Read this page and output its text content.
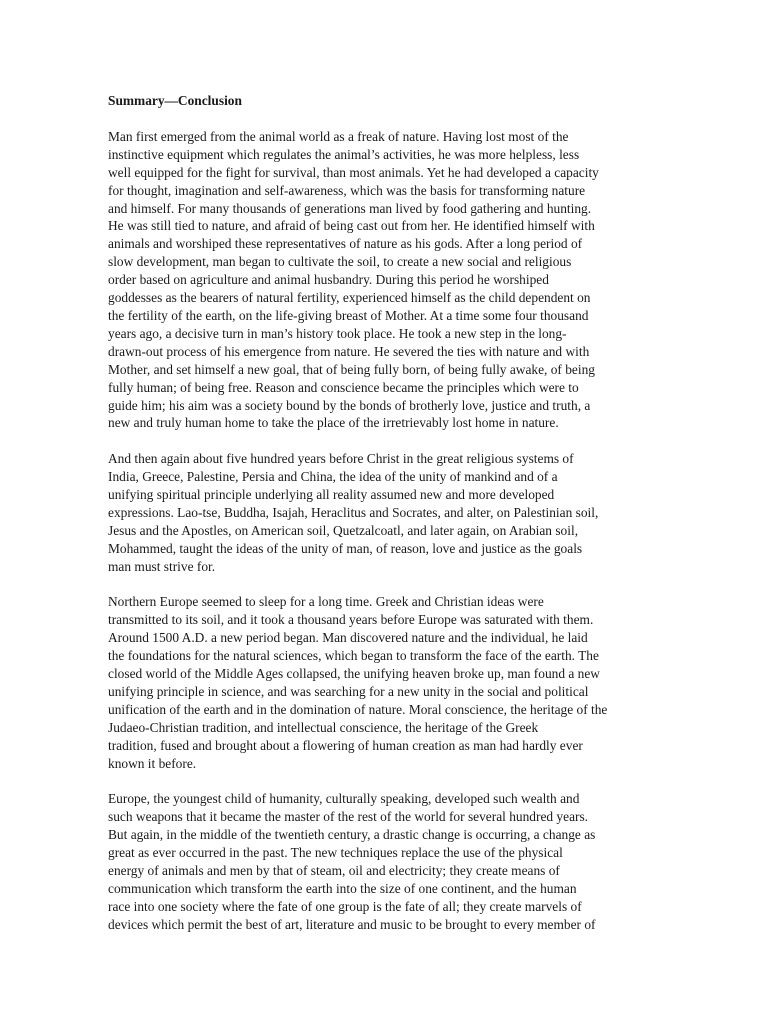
Summary—Conclusion
Man first emerged from the animal world as a freak of nature. Having lost most of the
instinctive equipment which regulates the animal’s activities, he was more helpless, less
well equipped for the fight for survival, than most animals. Yet he had developed a capacity
for thought, imagination and self-awareness, which was the basis for transforming nature
and himself. For many thousands of generations man lived by food gathering and hunting.
He was still tied to nature, and afraid of being cast out from her. He identified himself with
animals and worshiped these representatives of nature as his gods. After a long period of
slow development, man began to cultivate the soil, to create a new social and religious
order based on agriculture and animal husbandry. During this period he worshiped
goddesses as the bearers of natural fertility, experienced himself as the child dependent on
the fertility of the earth, on the life-giving breast of Mother. At a time some four thousand
years ago, a decisive turn in man’s history took place. He took a new step in the long-
drawn-out process of his emergence from nature. He severed the ties with nature and with
Mother, and set himself a new goal, that of being fully born, of being fully awake, of being
fully human; of being free. Reason and conscience became the principles which were to
guide him; his aim was a society bound by the bonds of brotherly love, justice and truth, a
new and truly human home to take the place of the irretrievably lost home in nature.
And then again about five hundred years before Christ in the great religious systems of
India, Greece, Palestine, Persia and China, the idea of the unity of mankind and of a
unifying spiritual principle underlying all reality assumed new and more developed
expressions. Lao-tse, Buddha, Isajah, Heraclitus and Socrates, and alter, on Palestinian soil,
Jesus and the Apostles, on American soil, Quetzalcoatl, and later again, on Arabian soil,
Mohammed, taught the ideas of the unity of man, of reason, love and justice as the goals
man must strive for.
Northern Europe seemed to sleep for a long time. Greek and Christian ideas were
transmitted to its soil, and it took a thousand years before Europe was saturated with them.
Around 1500 A.D. a new period began. Man discovered nature and the individual, he laid
the foundations for the natural sciences, which began to transform the face of the earth. The
closed world of the Middle Ages collapsed, the unifying heaven broke up, man found a new
unifying principle in science, and was searching for a new unity in the social and political
unification of the earth and in the domination of nature. Moral conscience, the heritage of the
Judaeo-Christian tradition, and intellectual conscience, the heritage of the Greek
tradition, fused and brought about a flowering of human creation as man had hardly ever
known it before.
Europe, the youngest child of humanity, culturally speaking, developed such wealth and
such weapons that it became the master of the rest of the world for several hundred years.
But again, in the middle of the twentieth century, a drastic change is occurring, a change as
great as ever occurred in the past. The new techniques replace the use of the physical
energy of animals and men by that of steam, oil and electricity; they create means of
communication which transform the earth into the size of one continent, and the human
race into one society where the fate of one group is the fate of all; they create marvels of
devices which permit the best of art, literature and music to be brought to every member of
